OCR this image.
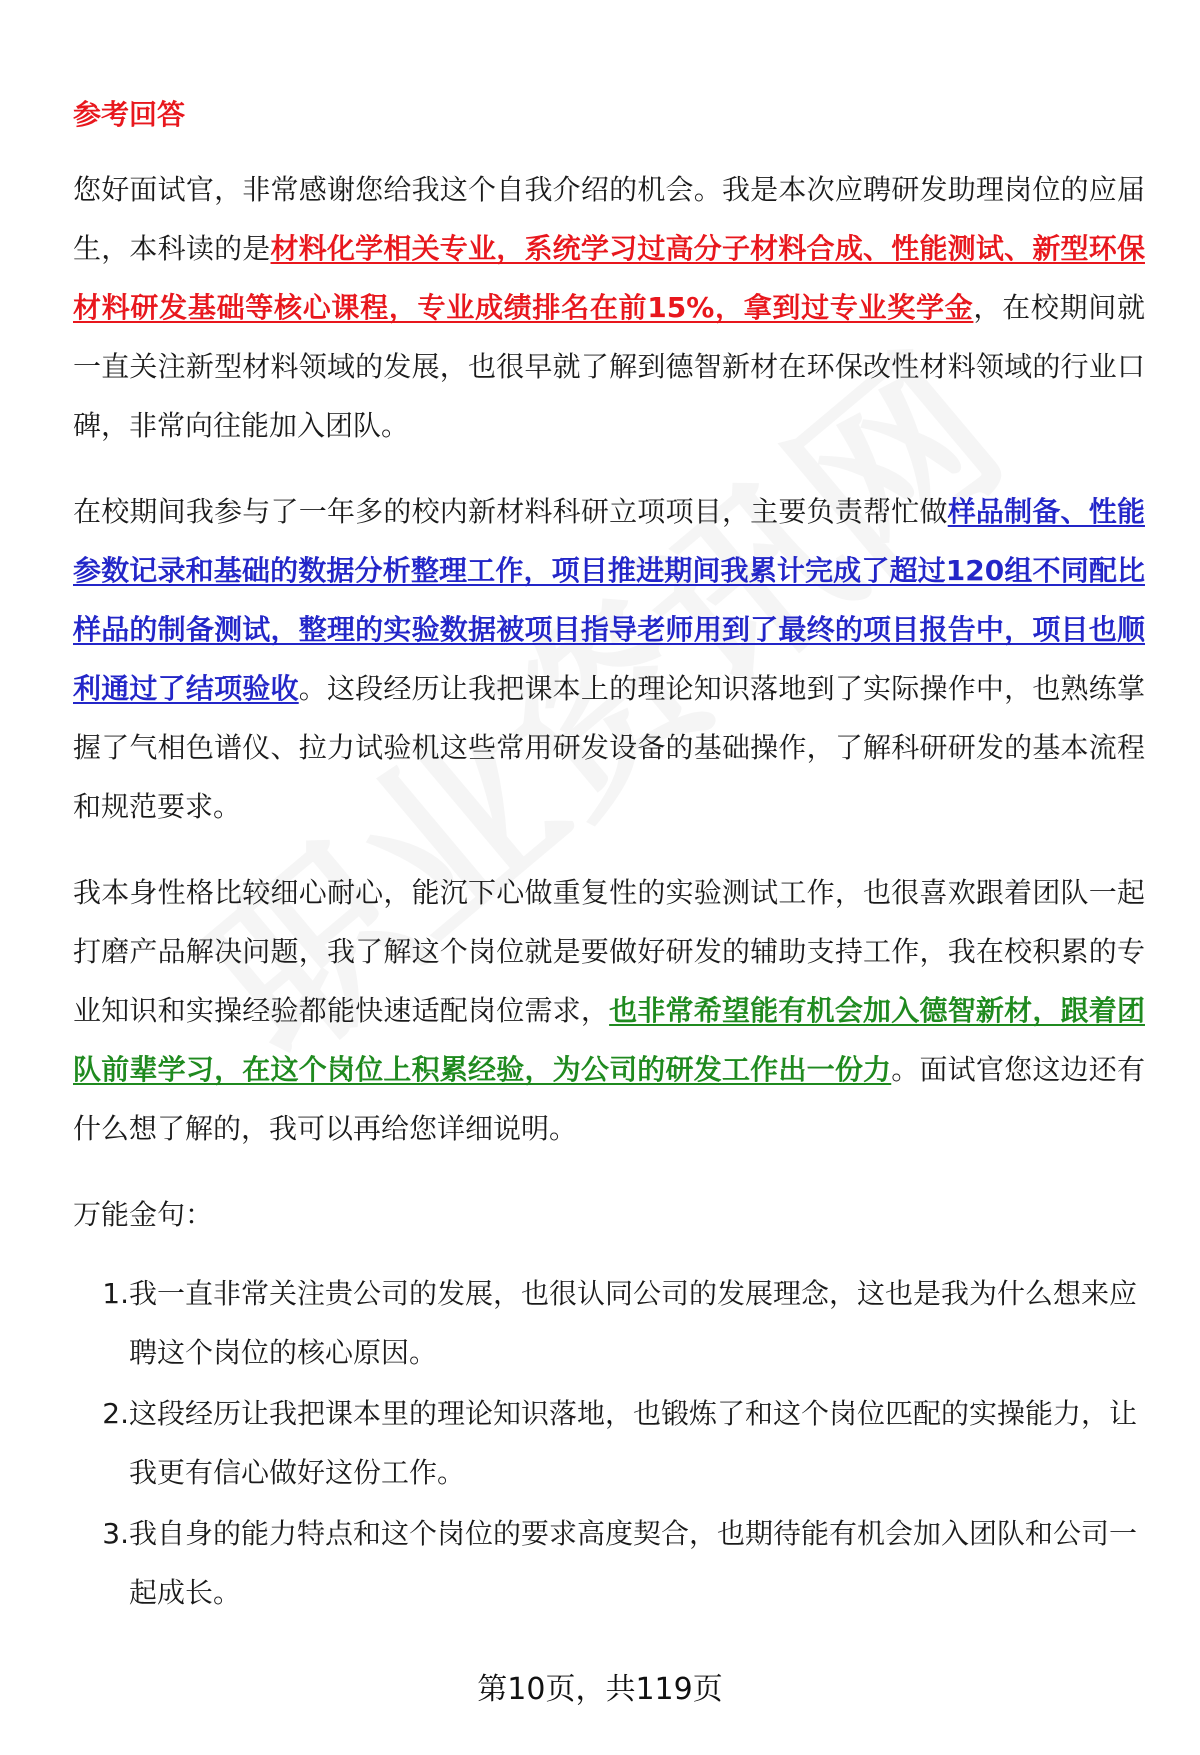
参考回答

您好面试官，非常感谢您给我这个自我介绍的机会。我是本次应聘研发助理岗位的应届生，本科读的是材料化学相关专业，系统学习过高分子材料合成、性能测试、新型环保材料研发基础等核心课程，专业成绩排名在前15%，拿到过专业奖学金，在校期间就一直关注新型材料领域的发展，也很早就了解到德智新材在环保改性材料领域的行业口碑，非常向往能加入团队。

在校期间我参与了一年多的校内新材料科研立项项目，主要负责帮忙做样品制备、性能参数记录和基础的数据分析整理工作，项目推进期间我累计完成了超过120组不同配比样品的制备测试，整理的实验数据被项目指导老师用到了最终的项目报告中，项目也顺利通过了结项验收。这段经历让我把课本上的理论知识落地到了实际操作中，也熟练掌握了气相色谱仪、拉力试验机这些常用研发设备的基础操作，了解科研研发的基本流程和规范要求。

我本身性格比较细心耐心，能沉下心做重复性的实验测试工作，也很喜欢跟着团队一起打磨产品解决问题，我了解这个岗位就是要做好研发的辅助支持工作，我在校积累的专业知识和实操经验都能快速适配岗位需求，也非常希望能有机会加入德智新材，跟着团队前辈学习，在这个岗位上积累经验，为公司的研发工作出一份力。面试官您这边还有什么想了解的，我可以再给您详细说明。

万能金句：
1. 我一直非常关注贵公司的发展，也很认同公司的发展理念，这也是我为什么想来应聘这个岗位的核心原因。
2. 这段经历让我把课本里的理论知识落地，也锻炼了和这个岗位匹配的实操能力，让我更有信心做好这份工作。
3. 我自身的能力特点和这个岗位的要求高度契合，也期待能有机会加入团队和公司一起成长。
第10页，共119页
